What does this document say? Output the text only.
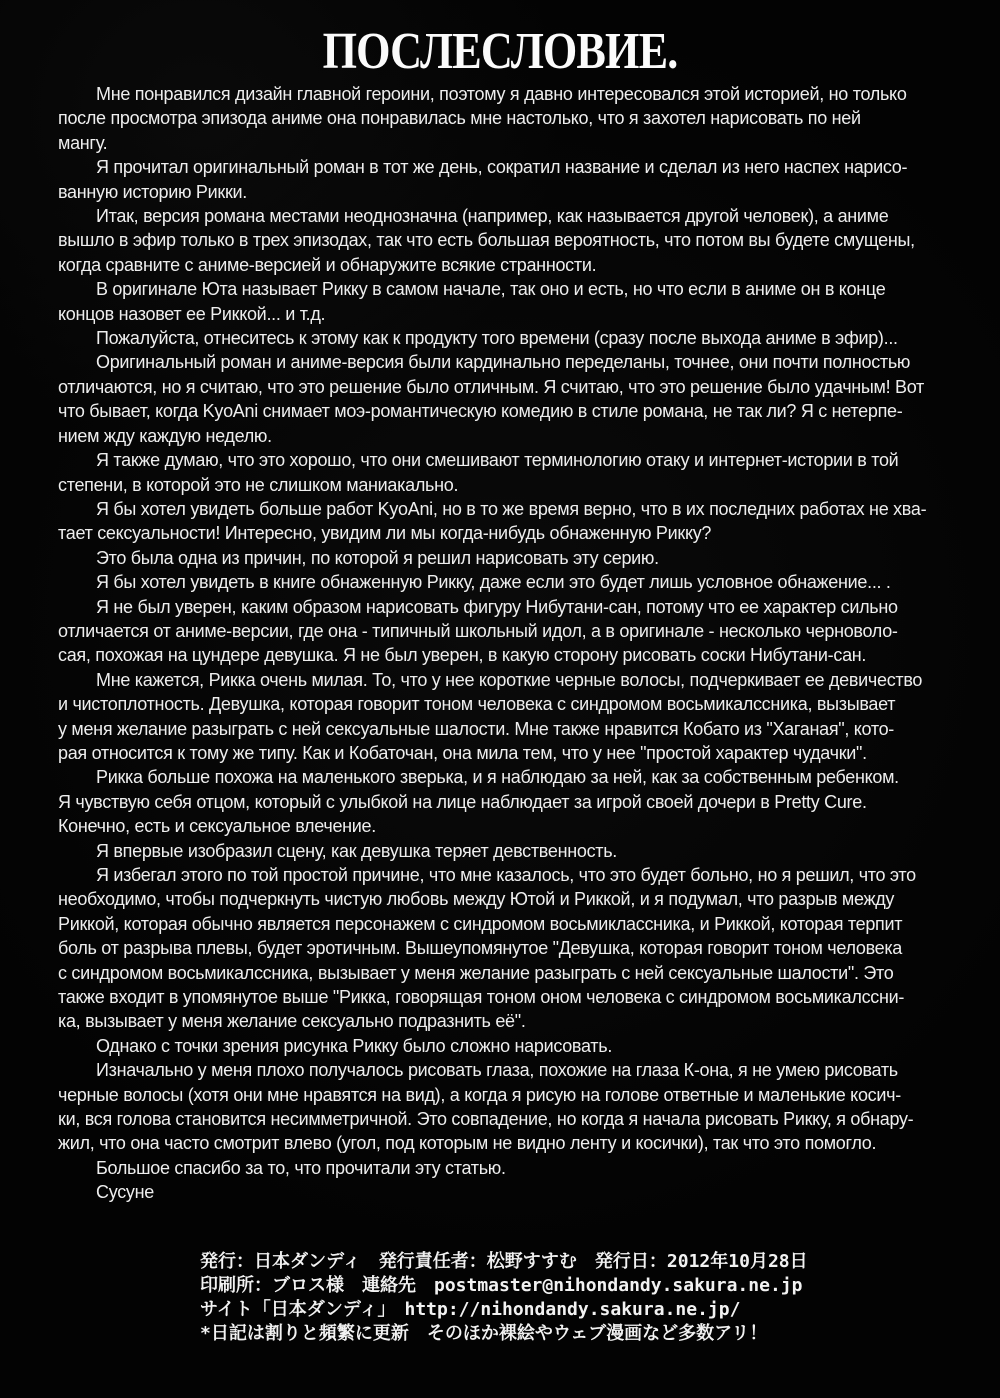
ПОСЛЕСЛОВИЕ.
Мне понравился дизайн главной героини, поэтому я давно интересовался этой историей, но только
после просмотра эпизода аниме она понравилась мне настолько, что я захотел нарисовать по ней
мангу.
Я прочитал оригинальный роман в тот же день, сократил название и сделал из него наспех нарисо-
ванную историю Рикки.
Итак, версия романа местами неоднозначна (например, как называется другой человек), а аниме
вышло в эфир только в трех эпизодах, так что есть большая вероятность, что потом вы будете смущены,
когда сравните с аниме-версией и обнаружите всякие странности.
В оригинале Юта называет Рикку в самом начале, так оно и есть, но что если в аниме он в конце
концов назовет ее Риккой... и т.д.
Пожалуйста, отнеситесь к этому как к продукту того времени (сразу после выхода аниме в эфир)...
Оригинальный роман и аниме-версия были кардинально переделаны, точнее, они почти полностью
отличаются, но я считаю, что это решение было отличным. Я считаю, что это решение было удачным! Вот
что бывает, когда KyoAni снимает моэ-романтическую комедию в стиле романа, не так ли? Я с нетерпе-
нием жду каждую неделю.
Я также думаю, что это хорошо, что они смешивают терминологию отаку и интернет-истории в той
степени, в которой это не слишком маниакально.
Я бы хотел увидеть больше работ KyoAni, но в то же время верно, что в их последних работах не хва-
тает сексуальности! Интересно, увидим ли мы когда-нибудь обнаженную Рикку?
Это была одна из причин, по которой я решил нарисовать эту серию.
Я бы хотел увидеть в книге обнаженную Рикку, даже если это будет лишь условное обнажение... .
Я не был уверен, каким образом нарисовать фигуру Нибутани-сан, потому что ее характер сильно
отличается от аниме-версии, где она - типичный школьный идол, а в оригинале - несколько черноволо-
сая, похожая на цундере девушка. Я не был уверен, в какую сторону рисовать соски Нибутани-сан.
Мне кажется, Рикка очень милая. То, что у нее короткие черные волосы, подчеркивает ее девичество
и чистоплотность. Девушка, которая говорит тоном человека с синдромом восьмикалссника, вызывает
у меня желание разыграть с ней сексуальные шалости. Мне также нравится Кобато из "Хаганая", кото-
рая относится к тому же типу. Как и Кобаточан, она мила тем, что у нее "простой характер чудачки".
Рикка больше похожа на маленького зверька, и я наблюдаю за ней, как за собственным ребенком.
Я чувствую себя отцом, который с улыбкой на лице наблюдает за игрой своей дочери в Pretty Cure.
Конечно, есть и сексуальное влечение.
Я впервые изобразил сцену, как девушка теряет девственность.
Я избегал этого по той простой причине, что мне казалось, что это будет больно, но я решил, что это
необходимо, чтобы подчеркнуть чистую любовь между Ютой и Риккой, и я подумал, что разрыв между
Риккой, которая обычно является персонажем с синдромом восьмиклассника, и Риккой, которая терпит
боль от разрыва плевы, будет эротичным. Вышеупомянутое "Девушка, которая говорит тоном человека
с синдромом восьмикалссника, вызывает у меня желание разыграть с ней сексуальные шалости". Это
также входит в упомянутое выше "Рикка, говорящая тоном оном человека с синдромом восьмикалссни-
ка, вызывает у меня желание сексуально подразнить её".
Однако с точки зрения рисунка Рикку было сложно нарисовать.
Изначально у меня плохо получалось рисовать глаза, похожие на глаза К-она, я не умею рисовать
черные волосы (хотя они мне нравятся на вид), а когда я рисую на голове ответные и маленькие косич-
ки, вся голова становится несимметричной. Это совпадение, но когда я начала рисовать Рикку, я обнару-
жил, что она часто смотрит влево (угол, под которым не видно ленту и косички), так что это помогло.
Большое спасибо за то, что прочитали эту статью.
Сусуне
発行：日本ダンディ　発行責任者：松野すすむ　発行日：2012年10月28日
印刷所：ブロス様　連絡先　postmaster@nihondandy.sakura.ne.jp
サイト「日本ダンディ」　http://nihondandy.sakura.ne.jp/
*日記は割りと頻繁に更新　そのほか裸絵やウェブ漫画など多数アリ！
